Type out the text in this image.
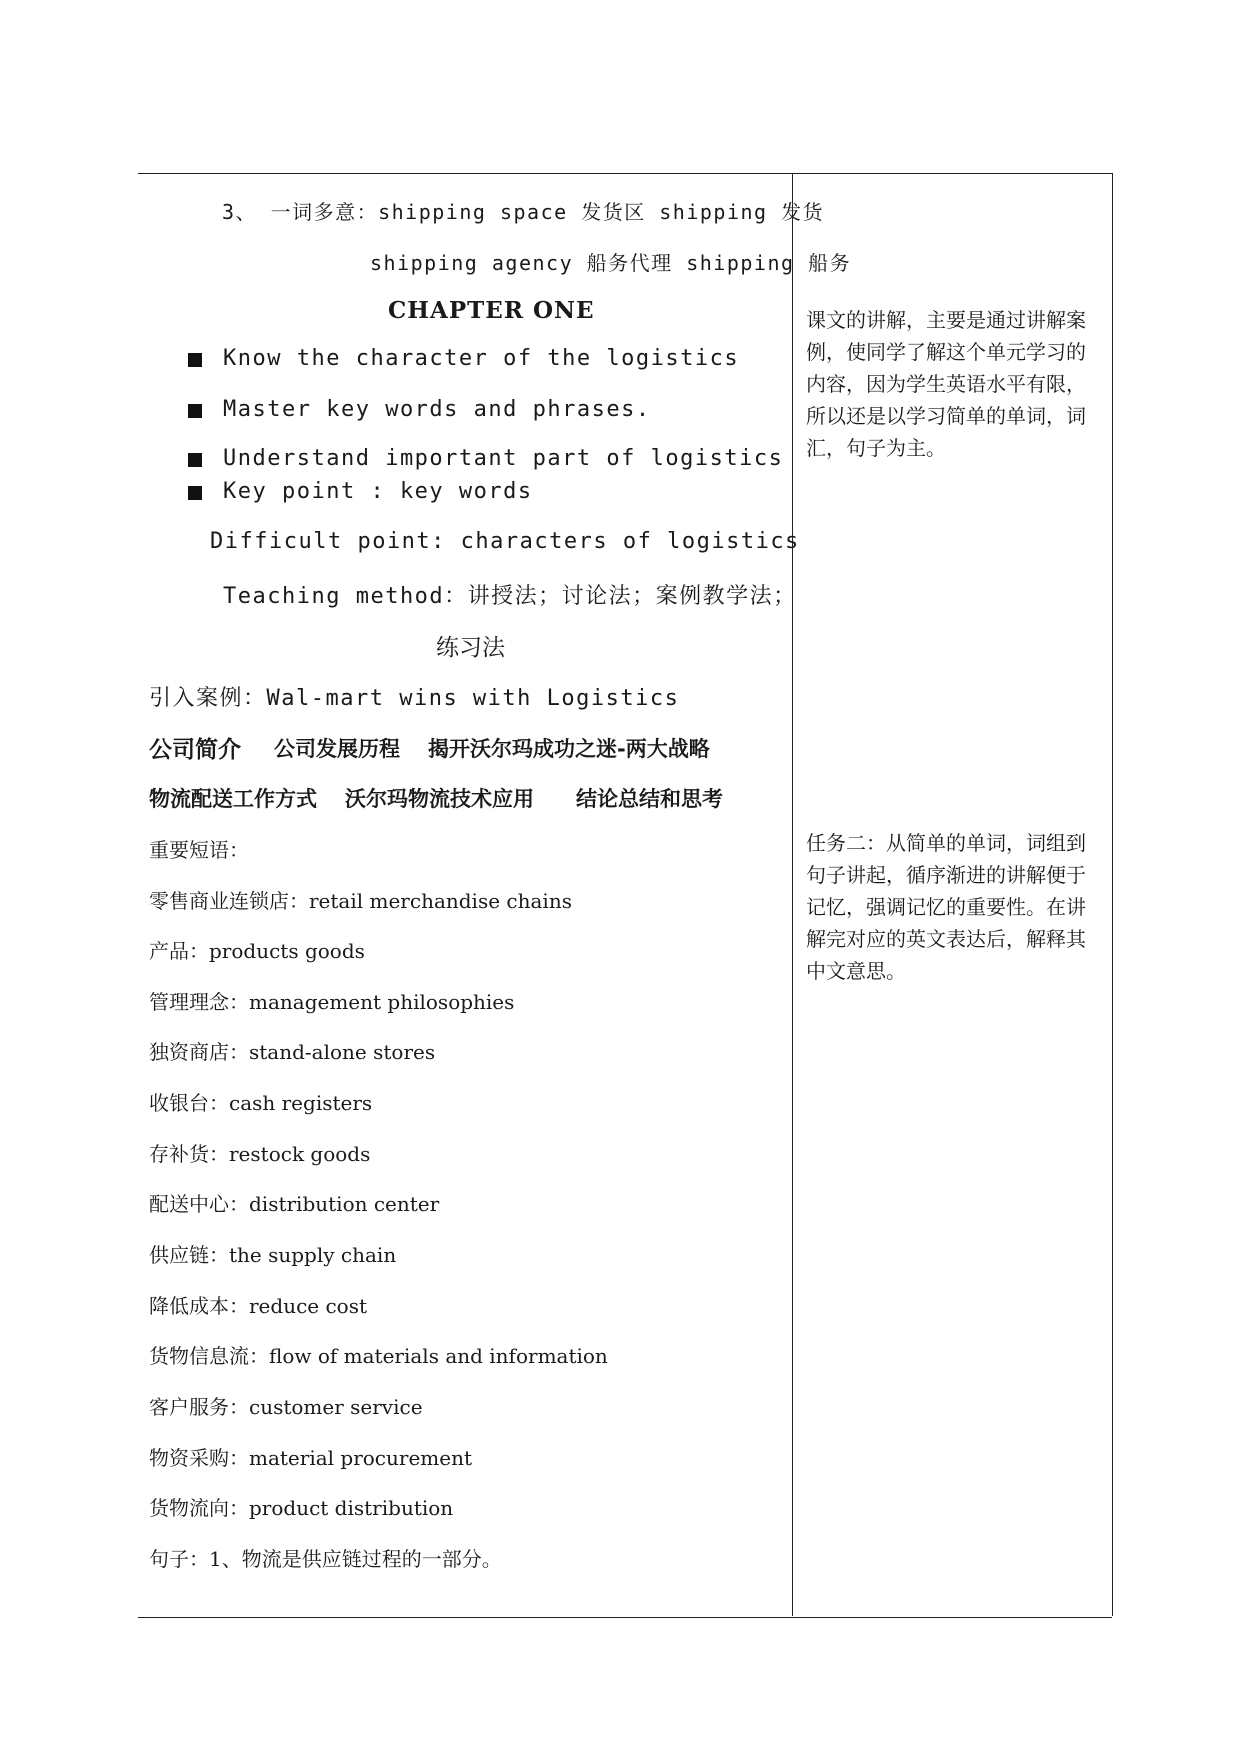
3、 一词多意：shipping space 发货区 shipping 发货
shipping agency 船务代理 shipping 船务
CHAPTER ONE
Know the character of the logistics
Master key words and phrases.
Understand important part of logistics
Key point : key words
Difficult point: characters of logistics
Teaching method：讲授法；讨论法；案例教学法；
练习法
引入案例：Wal-mart wins with Logistics
公司简介 公司发展历程 揭开沃尔玛成功之迷-两大战略
物流配送工作方式 沃尔玛物流技术应用 结论总结和思考
重要短语：
零售商业连锁店：retail merchandise chains
产品：products goods
管理理念：management philosophies
独资商店：stand-alone stores
收银台：cash registers
存补货：restock goods
配送中心：distribution center
供应链：the supply chain
降低成本：reduce cost
货物信息流：flow of materials and information
客户服务：customer service
物资采购：material procurement
货物流向：product distribution
句子：1、物流是供应链过程的一部分。
课文的讲解，主要是通过讲解案例，使同学了解这个单元学习的内容，因为学生英语水平有限，所以还是以学习简单的单词，词汇，句子为主。
任务二：从简单的单词，词组到句子讲起，循序渐进的讲解便于记忆，强调记忆的重要性。在讲解完对应的英文表达后，解释其中文意思。
